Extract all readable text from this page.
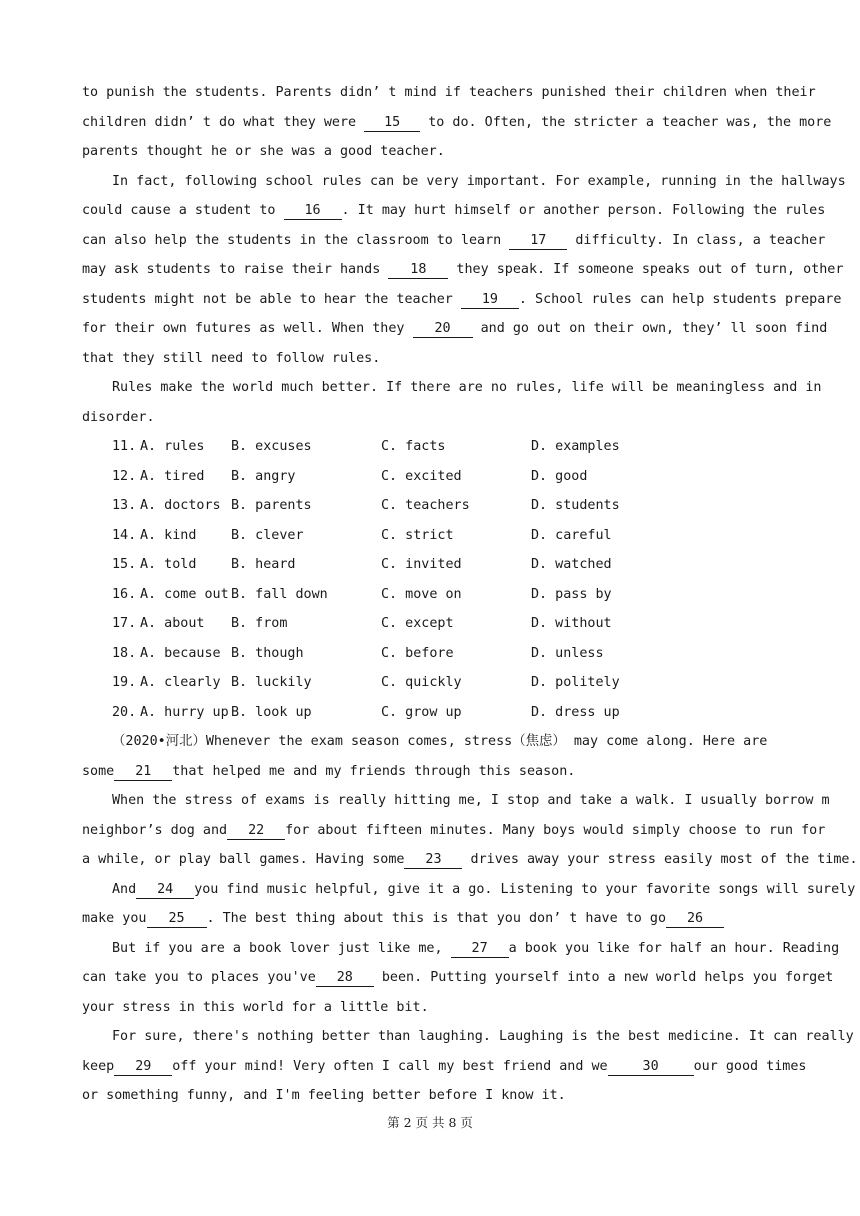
to punish the students. Parents didn’ t mind if teachers punished their children when their
children didn’ t do what they were 15 to do. Often, the stricter a teacher was, the more
parents thought he or she was a good teacher.
In fact, following school rules can be very important. For example, running in the hallways
could cause a student to 16 . It may hurt himself or another person. Following the rules
can also help the students in the classroom to learn 17 difficulty. In class, a teacher
may ask students to raise their hands 18 they speak. If someone speaks out of turn, other
students might not be able to hear the teacher 19 . School rules can help students prepare
for their own futures as well. When they 20 and go out on their own, they’ ll soon find
that they still need to follow rules.
Rules make the world much better. If there are no rules, life will be meaningless and in
disorder.
11. A. rules B. excuses	C. facts	D. examples
12. A. tired B. angry	C. excited	D. good
13. A. doctors B. parents	C. teachers	D. students
14. A. kind	B. clever	C. strict	D. careful
15. A. told	B. heard	C. invited	D. watched
16. A. come out B. fall down	C. move on	D. pass by
17. A. about B. from	C. except	D. without
18. A. because B. though	C. before	D. unless
19. A. clearly B. luckily	C. quickly	D. politely
20. A. hurry up B. look up	C. grow up	D. dress up
（2020•河北）Whenever the exam season comes, stress（焦虑） may come along. Here are
some 21 that helped me and my friends through this season.
When the stress of exams is really hitting me, I stop and take a walk. I usually borrow m
neighbor’s dog and 22 for about fifteen minutes. Many boys would simply choose to run for
a while, or play ball games. Having some 23 drives away your stress easily most of the time.
And 24 you find music helpful, give it a go. Listening to your favorite songs will surely
make you 25 . The best thing about this is that you don’ t have to go 26
But if you are a book lover just like me, 27 a book you like for half an hour. Reading
can take you to places you've 28 been. Putting yourself into a new world helps you forget
your stress in this world for a little bit.
For sure, there's nothing better than laughing. Laughing is the best medicine. It can really
keep 29 off your mind! Very often I call my best friend and we	30	our good times
or something funny, and I'm feeling better before I know it.
第 2 页 共 8 页
